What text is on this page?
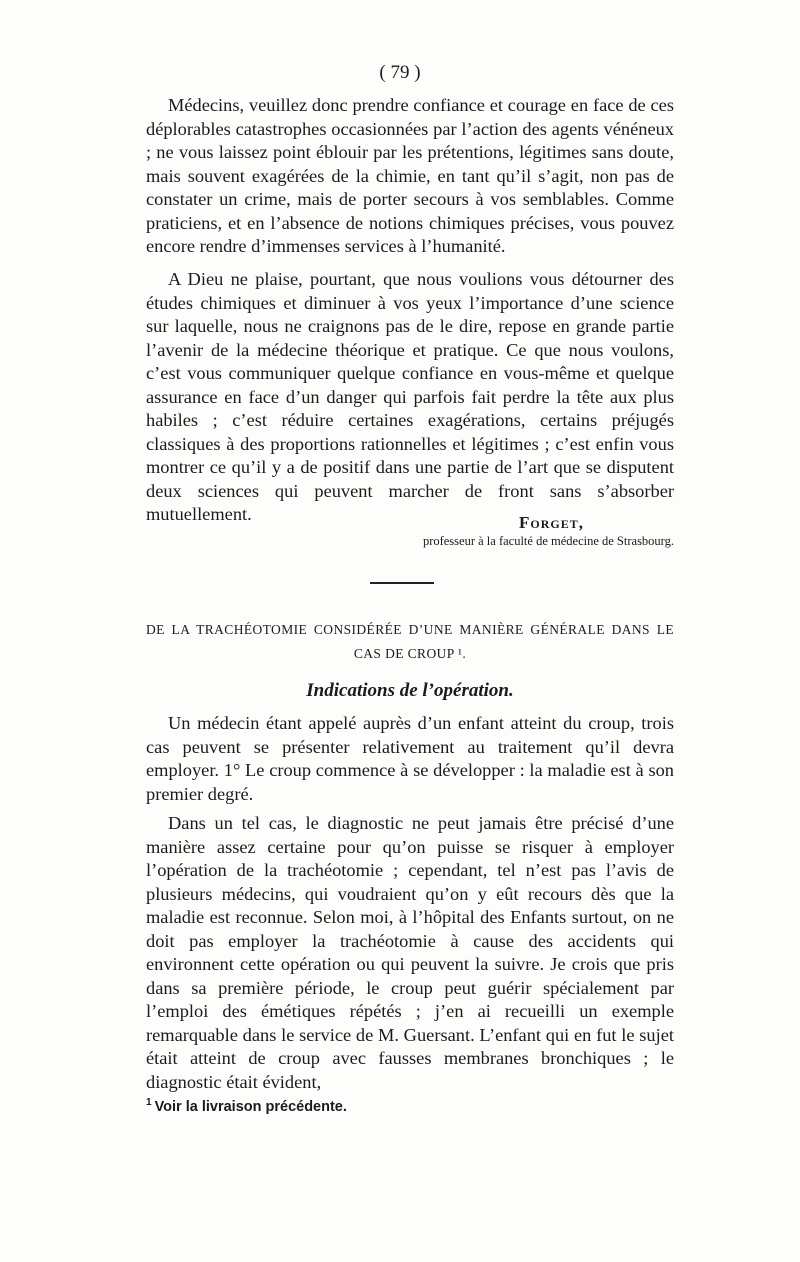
( 79 )

Médecins, veuillez donc prendre confiance et courage en face de ces déplorables catastrophes occasionnées par l’action des agents vénéneux ; ne vous laissez point éblouir par les prétentions, légitimes sans doute, mais souvent exagérées de la chimie, en tant qu’il s’agit, non pas de constater un crime, mais de porter secours à vos semblables. Comme praticiens, et en l’absence de notions chimiques précises, vous pouvez encore rendre d’immenses services à l’humanité.

A Dieu ne plaise, pourtant, que nous voulions vous détourner des études chimiques et diminuer à vos yeux l’importance d’une science sur laquelle, nous ne craignons pas de le dire, repose en grande partie l’avenir de la médecine théorique et pratique. Ce que nous voulons, c’est vous communiquer quelque confiance en vous-même et quelque assurance en face d’un danger qui parfois fait perdre la tête aux plus habiles ; c’est réduire certaines exagérations, certains préjugés classiques à des proportions rationnelles et légitimes ; c’est enfin vous montrer ce qu’il y a de positif dans une partie de l’art que se disputent deux sciences qui peuvent marcher de front sans s’absorber mutuellement.	Forget,
professeur à la faculté de médecine de Strasbourg.
DE LA TRACHÉOTOMIE CONSIDÉRÉE D’UNE MANIÈRE GÉNÉRALE DANS LE CAS DE CROUP ¹.
Indications de l’opération.

Un médecin étant appelé auprès d’un enfant atteint du croup, trois cas peuvent se présenter relativement au traitement qu’il devra employer. 1° Le croup commence à se développer : la maladie est à son premier degré.

Dans un tel cas, le diagnostic ne peut jamais être précisé d’une manière assez certaine pour qu’on puisse se risquer à employer l’opération de la trachéotomie ; cependant, tel n’est pas l’avis de plusieurs médecins, qui voudraient qu’on y eût recours dès que la maladie est reconnue. Selon moi, à l’hôpital des Enfants surtout, on ne doit pas employer la trachéotomie à cause des accidents qui environnent cette opération ou qui peuvent la suivre. Je crois que pris dans sa première période, le croup peut guérir spécialement par l’emploi des émétiques répétés ; j’en ai recueilli un exemple remarquable dans le service de M. Guersant. L’enfant qui en fut le sujet était atteint de croup avec fausses membranes bronchiques ; le diagnostic était évident,

$^1$ Voir la livraison précédente.
